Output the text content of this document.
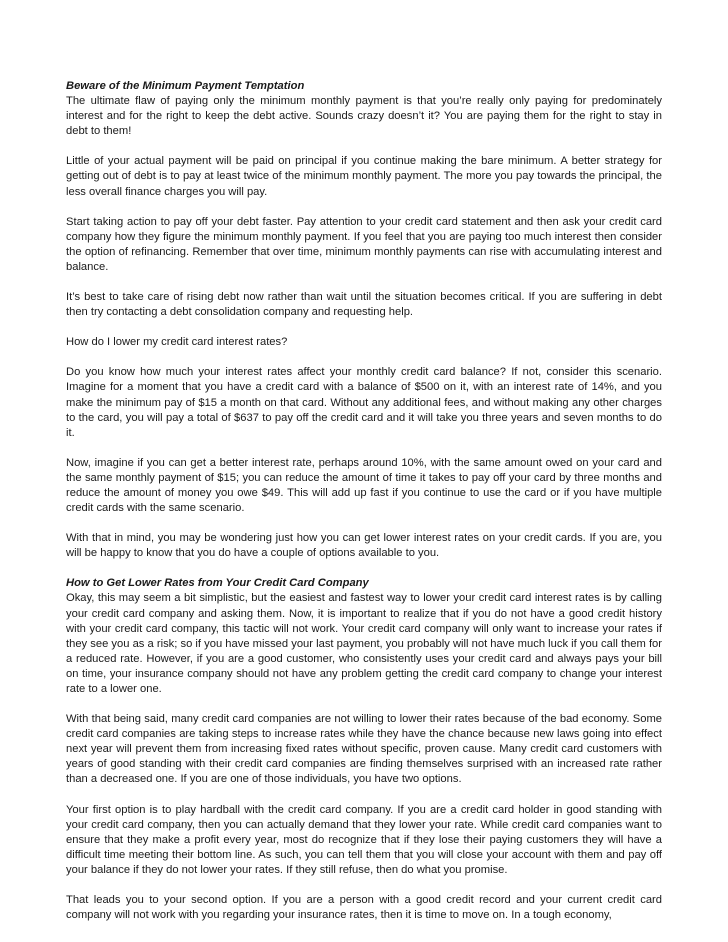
Beware of the Minimum Payment Temptation

The ultimate flaw of paying only the minimum monthly payment is that you’re really only paying for predominately interest and for the right to keep the debt active. Sounds crazy doesn’t it? You are paying them for the right to stay in debt to them!

Little of your actual payment will be paid on principal if you continue making the bare minimum. A better strategy for getting out of debt is to pay at least twice of the minimum monthly payment. The more you pay towards the principal, the less overall finance charges you will pay.

Start taking action to pay off your debt faster. Pay attention to your credit card statement and then ask your credit card company how they figure the minimum monthly payment. If you feel that you are paying too much interest then consider the option of refinancing. Remember that over time, minimum monthly payments can rise with accumulating interest and balance.

It’s best to take care of rising debt now rather than wait until the situation becomes critical. If you are suffering in debt then try contacting a debt consolidation company and requesting help.

How do I lower my credit card interest rates?

Do you know how much your interest rates affect your monthly credit card balance? If not, consider this scenario. Imagine for a moment that you have a credit card with a balance of $500 on it, with an interest rate of 14%, and you make the minimum pay of $15 a month on that card. Without any additional fees, and without making any other charges to the card, you will pay a total of $637 to pay off the credit card and it will take you three years and seven months to do it.

Now, imagine if you can get a better interest rate, perhaps around 10%, with the same amount owed on your card and the same monthly payment of $15; you can reduce the amount of time it takes to pay off your card by three months and reduce the amount of money you owe $49. This will add up fast if you continue to use the card or if you have multiple credit cards with the same scenario.

With that in mind, you may be wondering just how you can get lower interest rates on your credit cards. If you are, you will be happy to know that you do have a couple of options available to you.

How to Get Lower Rates from Your Credit Card Company

Okay, this may seem a bit simplistic, but the easiest and fastest way to lower your credit card interest rates is by calling your credit card company and asking them. Now, it is important to realize that if you do not have a good credit history with your credit card company, this tactic will not work. Your credit card company will only want to increase your rates if they see you as a risk; so if you have missed your last payment, you probably will not have much luck if you call them for a reduced rate. However, if you are a good customer, who consistently uses your credit card and always pays your bill on time, your insurance company should not have any problem getting the credit card company to change your interest rate to a lower one.

With that being said, many credit card companies are not willing to lower their rates because of the bad economy. Some credit card companies are taking steps to increase rates while they have the chance because new laws going into effect next year will prevent them from increasing fixed rates without specific, proven cause. Many credit card customers with years of good standing with their credit card companies are finding themselves surprised with an increased rate rather than a decreased one. If you are one of those individuals, you have two options.

Your first option is to play hardball with the credit card company. If you are a credit card holder in good standing with your credit card company, then you can actually demand that they lower your rate. While credit card companies want to ensure that they make a profit every year, most do recognize that if they lose their paying customers they will have a difficult time meeting their bottom line. As such, you can tell them that you will close your account with them and pay off your balance if they do not lower your rates. If they still refuse, then do what you promise.

That leads you to your second option. If you are a person with a good credit record and your current credit card company will not work with you regarding your insurance rates, then it is time to move on. In a tough economy,
